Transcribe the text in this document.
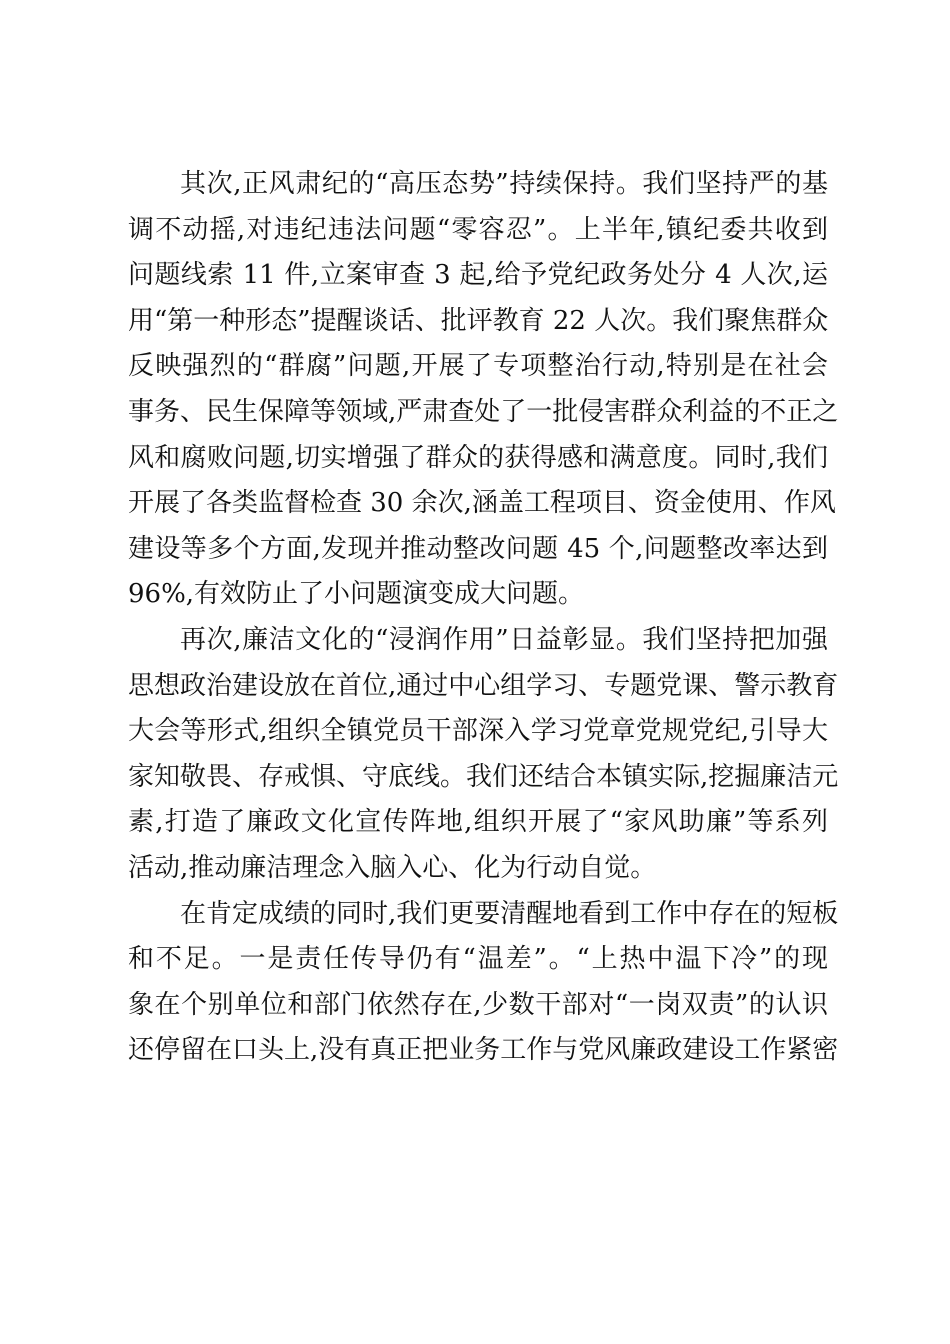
其次,正风肃纪的“高压态势”持续保持。我们坚持严的基
调不动摇,对违纪违法问题“零容忍”。上半年,镇纪委共收到
问题线索 11 件,立案审查 3 起,给予党纪政务处分 4 人次,运
用“第一种形态”提醒谈话、批评教育 22 人次。我们聚焦群众
反映强烈的“群腐”问题,开展了专项整治行动,特别是在社会
事务、民生保障等领域,严肃查处了一批侵害群众利益的不正之
风和腐败问题,切实增强了群众的获得感和满意度。同时,我们
开展了各类监督检查 30 余次,涵盖工程项目、资金使用、作风
建设等多个方面,发现并推动整改问题 45 个,问题整改率达到
96%,有效防止了小问题演变成大问题。
再次,廉洁文化的“浸润作用”日益彰显。我们坚持把加强
思想政治建设放在首位,通过中心组学习、专题党课、警示教育
大会等形式,组织全镇党员干部深入学习党章党规党纪,引导大
家知敬畏、存戒惧、守底线。我们还结合本镇实际,挖掘廉洁元
素,打造了廉政文化宣传阵地,组织开展了“家风助廉”等系列
活动,推动廉洁理念入脑入心、化为行动自觉。
在肯定成绩的同时,我们更要清醒地看到工作中存在的短板
和不足。一是责任传导仍有“温差”。“上热中温下冷”的现
象在个别单位和部门依然存在,少数干部对“一岗双责”的认识
还停留在口头上,没有真正把业务工作与党风廉政建设工作紧密
